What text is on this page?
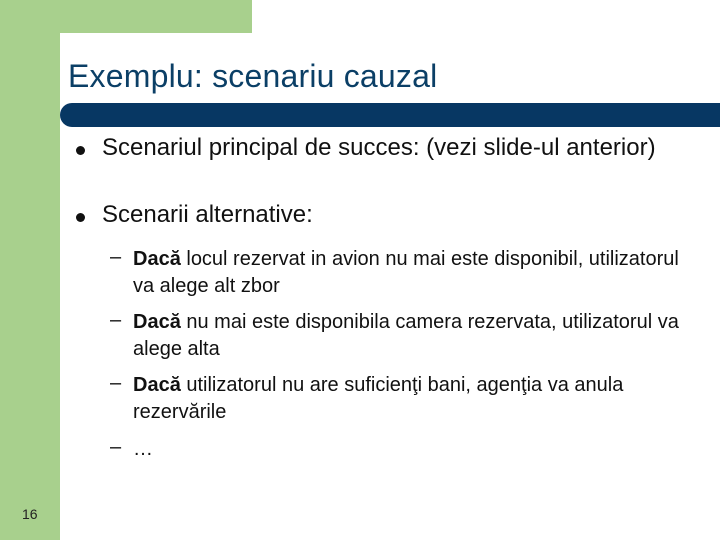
Exemplu: scenariu cauzal
Scenariul principal de succes: (vezi slide-ul anterior)
Scenarii alternative:
– Dacă locul rezervat in avion nu mai este disponibil, utilizatorul va alege alt zbor
– Dacă nu mai este disponibila camera rezervata, utilizatorul va alege alta
– Dacă utilizatorul nu are suficienţi bani, agenţia va anula rezervările
– …
16
